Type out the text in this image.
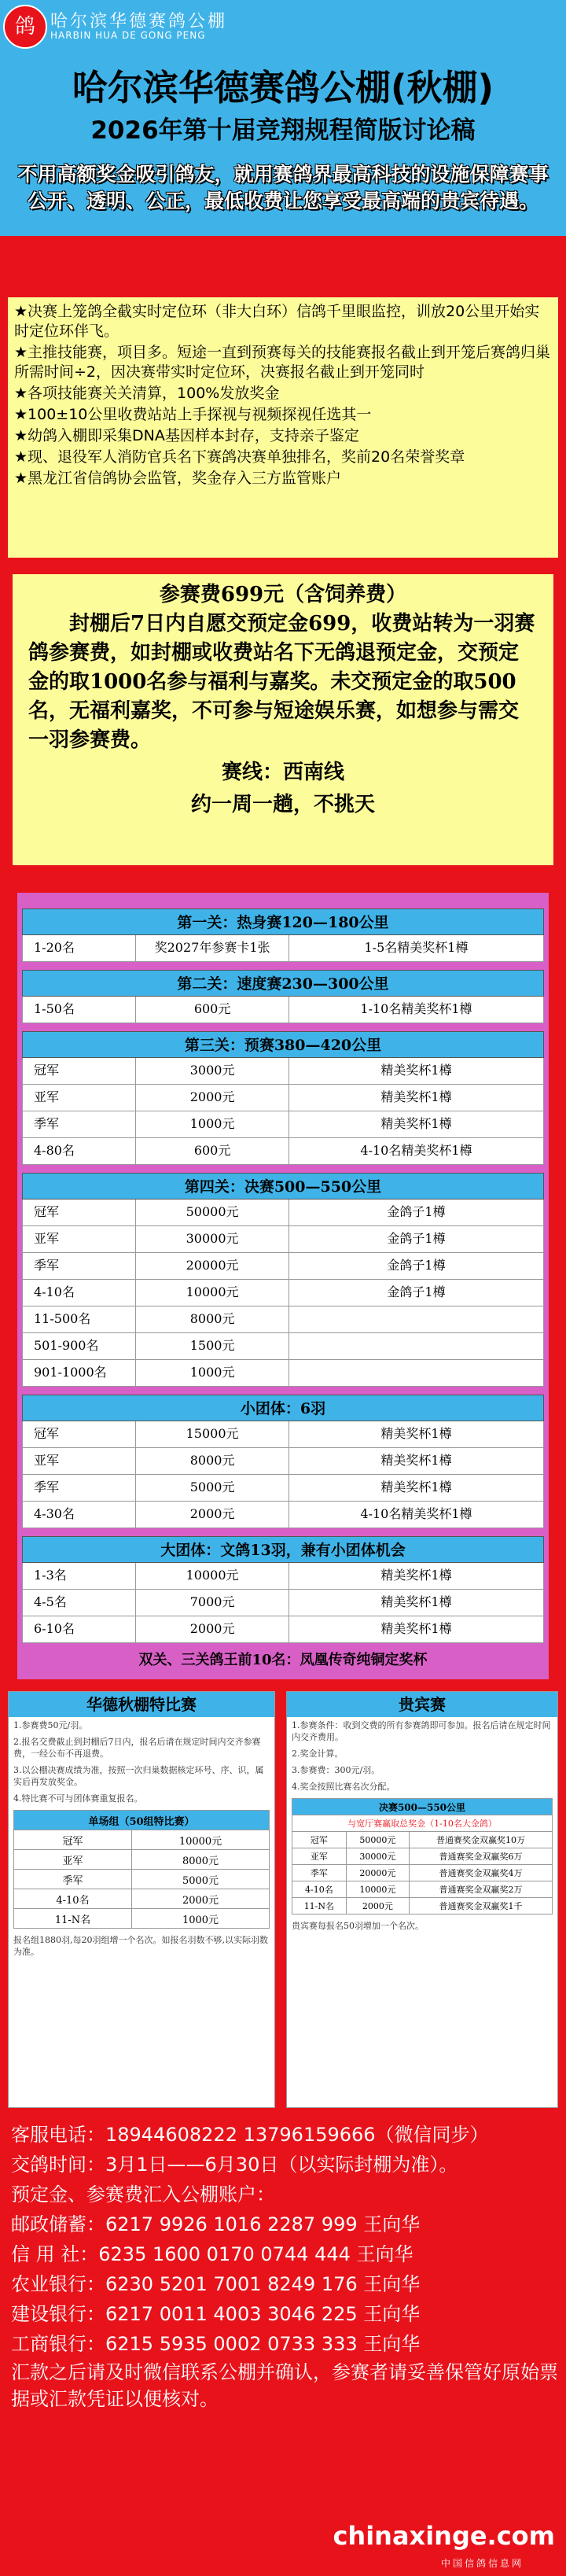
鸽 哈尔滨华德赛鸽公棚
HARBIN HUA DE GONG PENG
哈尔滨华德赛鸽公棚(秋棚)
2026年第十届竞翔规程简版讨论稿
不用高额奖金吸引鸽友，就用赛鸽界最高科技的设施保障赛事公开、透明、公正，最低收费让您享受最高端的贵宾待遇。
★决赛上笼鸽全截实时定位环（非大白环）信鸽千里眼监控，训放20公里开始实时定位环伴飞。
★主推技能赛，项目多。短途一直到预赛每关的技能赛报名截止到开笼后赛鸽归巢所需时间÷2，因决赛带实时定位环，决赛报名截止到开笼同时
★各项技能赛关关清算，100%发放奖金
★100±10公里收费站站上手探视与视频探视任选其一
★幼鸽入棚即采集DNA基因样本封存，支持亲子鉴定
★现、退役军人消防官兵名下赛鸽决赛单独排名，奖前20名荣誉奖章
★黑龙江省信鸽协会监管，奖金存入三方监管账户
参赛费699元（含饲养费）
封棚后7日内自愿交预定金699，收费站转为一羽赛鸽参赛费，如封棚或收费站名下无鸽退预定金，交预定金的取1000名参与福利与嘉奖。未交预定金的取500名，无福利嘉奖，不可参与短途娱乐赛，如想参与需交一羽参赛费。
赛线：西南线
约一周一趟，不挑天
第一关：热身赛120—180公里
1-20名	奖2027年参赛卡1张	1-5名精美奖杯1樽
第二关：速度赛230—300公里
1-50名	600元	1-10名精美奖杯1樽
第三关：预赛380—420公里
冠军	3000元	精美奖杯1樽
亚军	2000元	精美奖杯1樽
季军	1000元	精美奖杯1樽
4-80名	600元	4-10名精美奖杯1樽
第四关：决赛500—550公里
冠军	50000元	金鸽子1樽
亚军	30000元	金鸽子1樽
季军	20000元	金鸽子1樽
4-10名	10000元	金鸽子1樽
11-500名	8000元
501-900名	1500元
901-1000名	1000元
小团体：6羽
冠军	15000元	精美奖杯1樽
亚军	8000元	精美奖杯1樽
季军	5000元	精美奖杯1樽
4-30名	2000元	4-10名精美奖杯1樽
大团体：文鸽13羽，兼有小团体机会
1-3名	10000元	精美奖杯1樽
4-5名	7000元	精美奖杯1樽
6-10名	2000元	精美奖杯1樽
双关、三关鸽王前10名：凤凰传奇纯铜定奖杯
华德秋棚特比赛
1.参赛费50元/羽。
2.报名交费截止到封棚后7日内，报名后请在规定时间内交齐参赛费，一经公布不再退费。
3.以公棚决赛成绩为准，按照一次归巢数据核定环号、序、识，属实后再发放奖金。
4.特比赛不可与团体赛重复报名。
单场组（50组特比赛）	
冠军	10000元
亚军	8000元
季军	5000元
4-10名	2000元
11-N名	1000元
报名组1880羽,每20羽组增一个名次。如报名羽数不够,以实际羽数为准。
贵宾赛
1.参赛条件：收到交费的所有参赛鸽即可参加。报名后请在规定时间内交齐费用。
2.奖金计算。
3.参赛费：300元/羽。
4.奖金按照比赛名次分配。
决赛500—550公里		
与宽厅赛赢取总奖金（1-10名大金鸽）		
冠军	50000元	普通赛奖金双赢奖10万
亚军	30000元	普通赛奖金双赢奖6万
季军	20000元	普通赛奖金双赢奖4万
4-10名	10000元	普通赛奖金双赢奖2万
11-N名	2000元	普通赛奖金双赢奖1千
贵宾赛每报名50羽增加一个名次。
客服电话：18944608222 13796159666（微信同步）
交鸽时间：3月1日——6月30日（以实际封棚为准）。
预定金、参赛费汇入公棚账户：
邮政储蓄：6217 9926 1016 2287 999 王向华
信 用 社：6235 1600 0170 0744 444 王向华
农业银行：6230 5201 7001 8249 176 王向华
建设银行：6217 0011 4003 3046 225 王向华
工商银行：6215 5935 0002 0733 333 王向华
汇款之后请及时微信联系公棚并确认，参赛者请妥善保管好原始票据或汇款凭证以便核对。
chinaxinge.com
中国信鸽信息网
